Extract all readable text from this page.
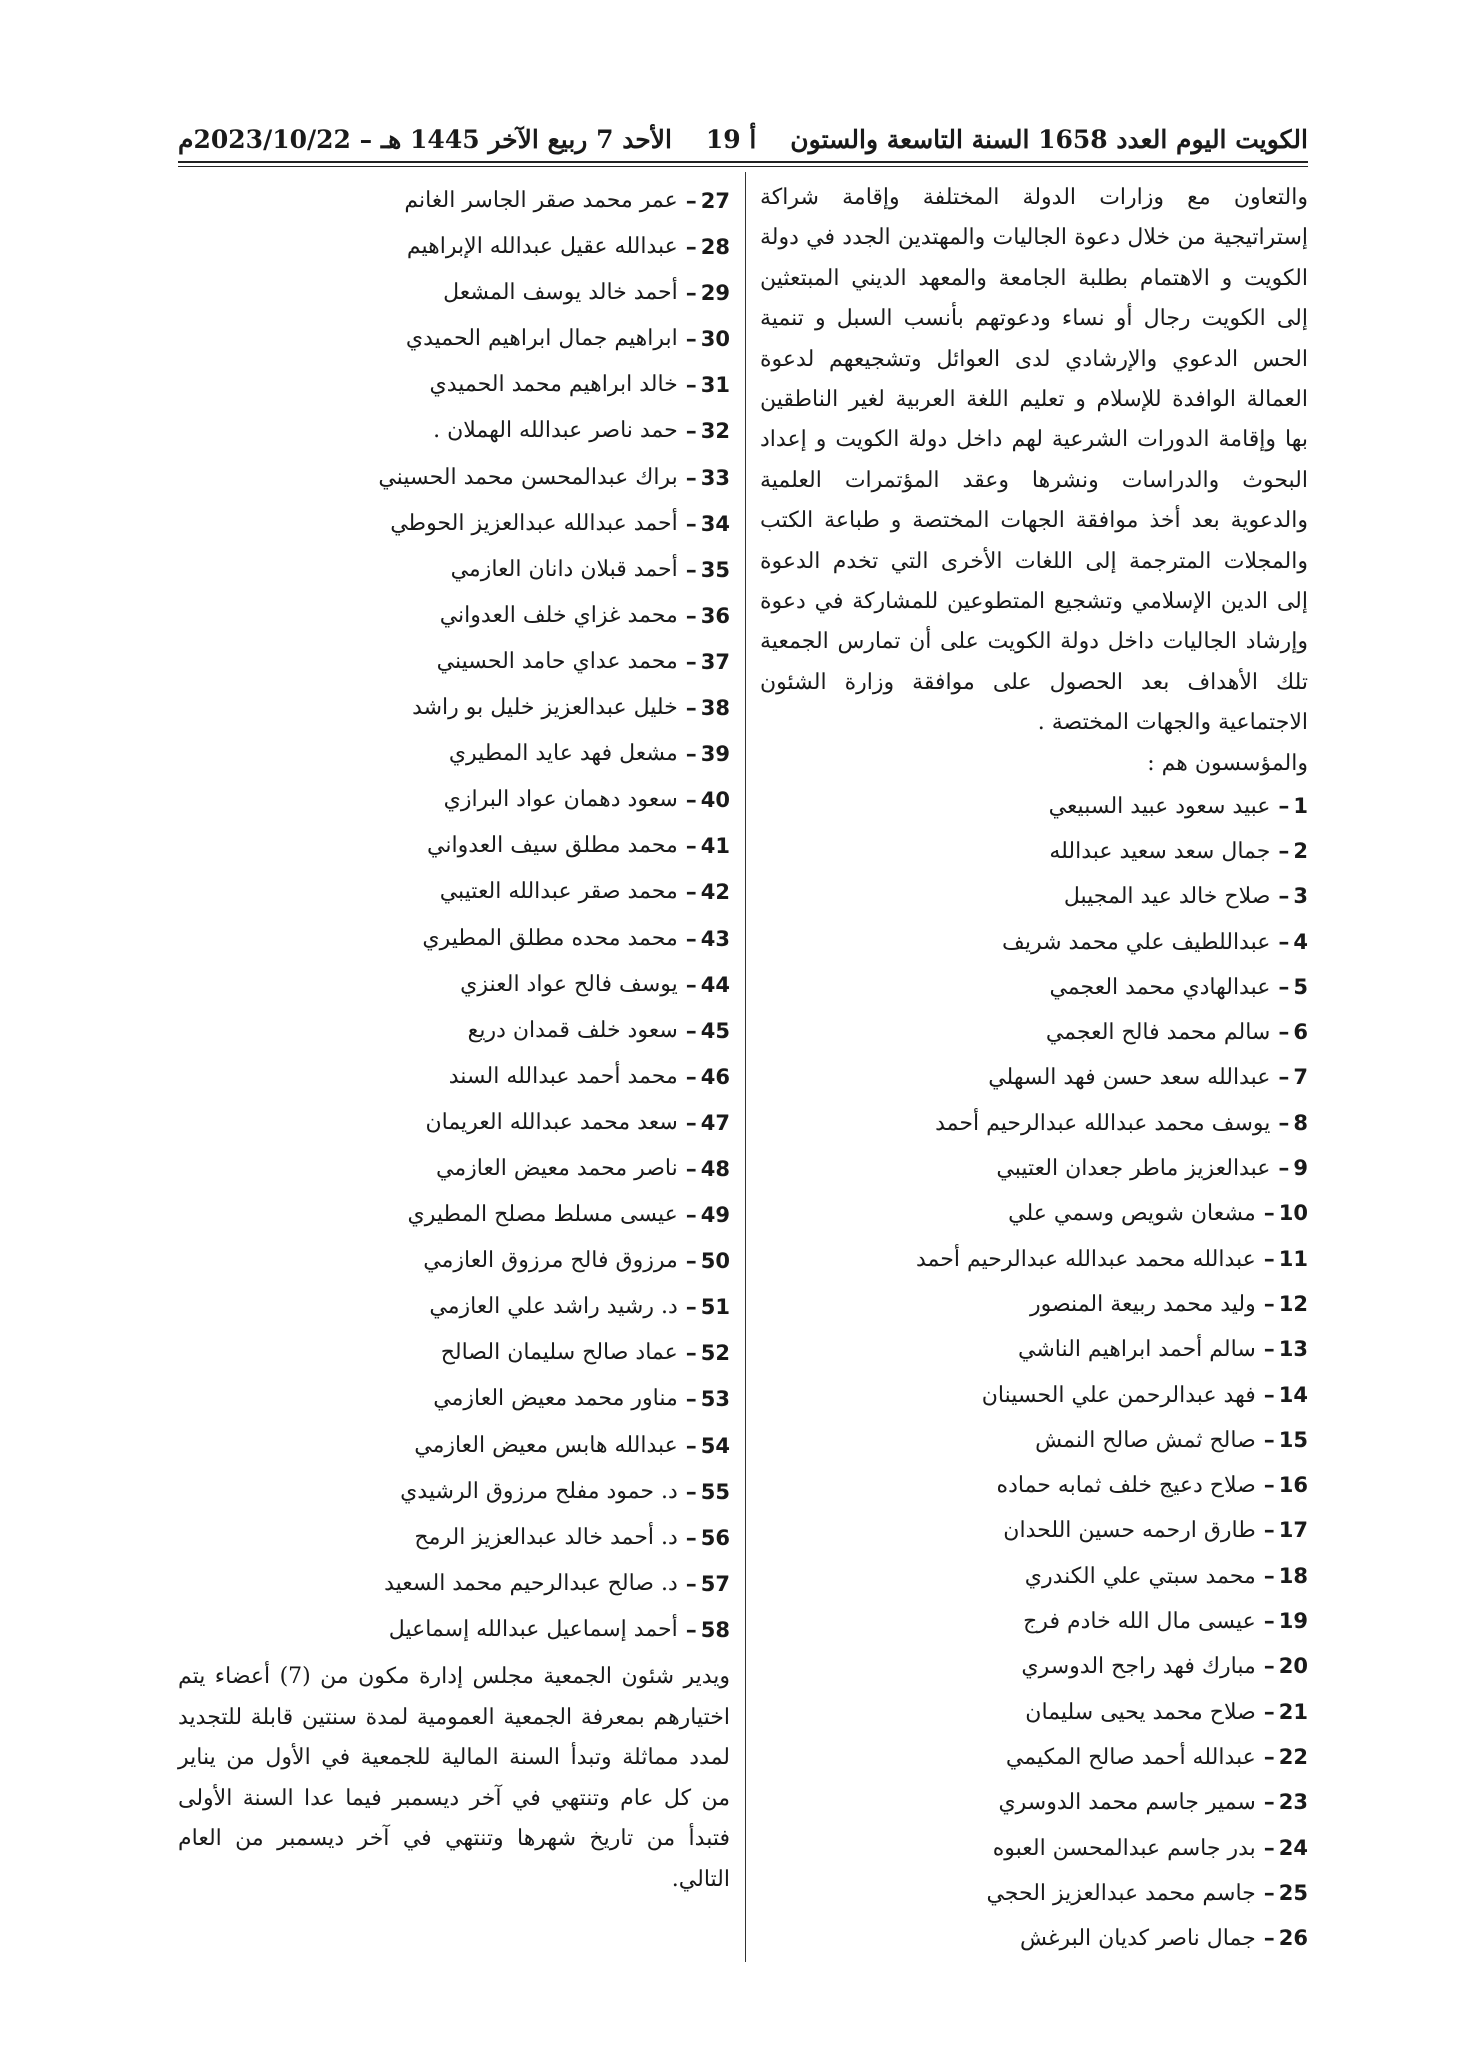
الكويت اليوم العدد 1658 السنة التاسعة والستون
أ 19
الأحد 7 ربيع الآخر 1445 هـ – 2023/10/22م

والتعاون مع وزارات الدولة المختلفة وإقامة شراكة إستراتيجية من خلال دعوة الجاليات والمهتدين الجدد في دولة الكويت و الاهتمام بطلبة الجامعة والمعهد الديني المبتعثين إلى الكويت رجال أو نساء ودعوتهم بأنسب السبل و تنمية الحس الدعوي والإرشادي لدى العوائل وتشجيعهم لدعوة العمالة الوافدة للإسلام و تعليم اللغة العربية لغير الناطقين بها وإقامة الدورات الشرعية لهم داخل دولة الكويت و إعداد البحوث والدراسات ونشرها وعقد المؤتمرات العلمية والدعوية بعد أخذ موافقة الجهات المختصة و طباعة الكتب والمجلات المترجمة إلى اللغات الأخرى التي تخدم الدعوة إلى الدين الإسلامي وتشجيع المتطوعين للمشاركة في دعوة وإرشاد الجاليات داخل دولة الكويت على أن تمارس الجمعية تلك الأهداف بعد الحصول على موافقة وزارة الشئون الاجتماعية والجهات المختصة .

والمؤسسون هم :

1
–
عبيد سعود عبيد السبيعي
2
–
جمال سعد سعيد عبدالله
3
–
صلاح خالد عيد المجيبل
4
–
عبداللطيف علي محمد شريف
5
–
عبدالهادي محمد العجمي
6
–
سالم محمد فالح العجمي
7
–
عبدالله سعد حسن فهد السهلي
8
–
يوسف محمد عبدالله عبدالرحيم أحمد
9
–
عبدالعزيز ماطر جعدان العتيبي
10
–
مشعان شويص وسمي علي
11
–
عبدالله محمد عبدالله عبدالرحيم أحمد
12
–
وليد محمد ربيعة المنصور
13
–
سالم أحمد ابراهيم الناشي
14
–
فهد عبدالرحمن علي الحسينان
15
–
صالح ثمش صالح النمش
16
–
صلاح دعيج خلف ثمابه حماده
17
–
طارق ارحمه حسين اللحدان
18
–
محمد سبتي علي الكندري
19
–
عيسى مال الله خادم فرج
20
–
مبارك فهد راجح الدوسري
21
–
صلاح محمد يحيى سليمان
22
–
عبدالله أحمد صالح المكيمي
23
–
سمير جاسم محمد الدوسري
24
–
بدر جاسم عبدالمحسن العبوه
25
–
جاسم محمد عبدالعزيز الحجي
26
–
جمال ناصر كديان البرغش
27
–
عمر محمد صقر الجاسر الغانم
28
–
عبدالله عقيل عبدالله الإبراهيم
29
–
أحمد خالد يوسف المشعل
30
–
ابراهيم جمال ابراهيم الحميدي
31
–
خالد ابراهيم محمد الحميدي
32
–
حمد ناصر عبدالله الهملان .
33
–
براك عبدالمحسن محمد الحسيني
34
–
أحمد عبدالله عبدالعزيز الحوطي
35
–
أحمد قبلان دانان العازمي
36
–
محمد غزاي خلف العدواني
37
–
محمد عداي حامد الحسيني
38
–
خليل عبدالعزيز خليل بو راشد
39
–
مشعل فهد عايد المطيري
40
–
سعود دهمان عواد البرازي
41
–
محمد مطلق سيف العدواني
42
–
محمد صقر عبدالله العتيبي
43
–
محمد محده مطلق المطيري
44
–
يوسف فالح عواد العنزي
45
–
سعود خلف قمدان دريع
46
–
محمد أحمد عبدالله السند
47
–
سعد محمد عبدالله العريمان
48
–
ناصر محمد معيض العازمي
49
–
عيسى مسلط مصلح المطيري
50
–
مرزوق فالح مرزوق العازمي
51
–
د. رشيد راشد علي العازمي
52
–
عماد صالح سليمان الصالح
53
–
مناور محمد معيض العازمي
54
–
عبدالله هابس معيض العازمي
55
–
د. حمود مفلح مرزوق الرشيدي
56
–
د. أحمد خالد عبدالعزيز الرمح
57
–
د. صالح عبدالرحيم محمد السعيد
58
–
أحمد إسماعيل عبدالله إسماعيل

ويدير شئون الجمعية مجلس إدارة مكون من (7) أعضاء يتم اختيارهم بمعرفة الجمعية العمومية لمدة سنتين قابلة للتجديد لمدد مماثلة وتبدأ السنة المالية للجمعية في الأول من يناير من كل عام وتنتهي في آخر ديسمبر فيما عدا السنة الأولى فتبدأ من تاريخ شهرها وتنتهي في آخر ديسمبر من العام التالي.
